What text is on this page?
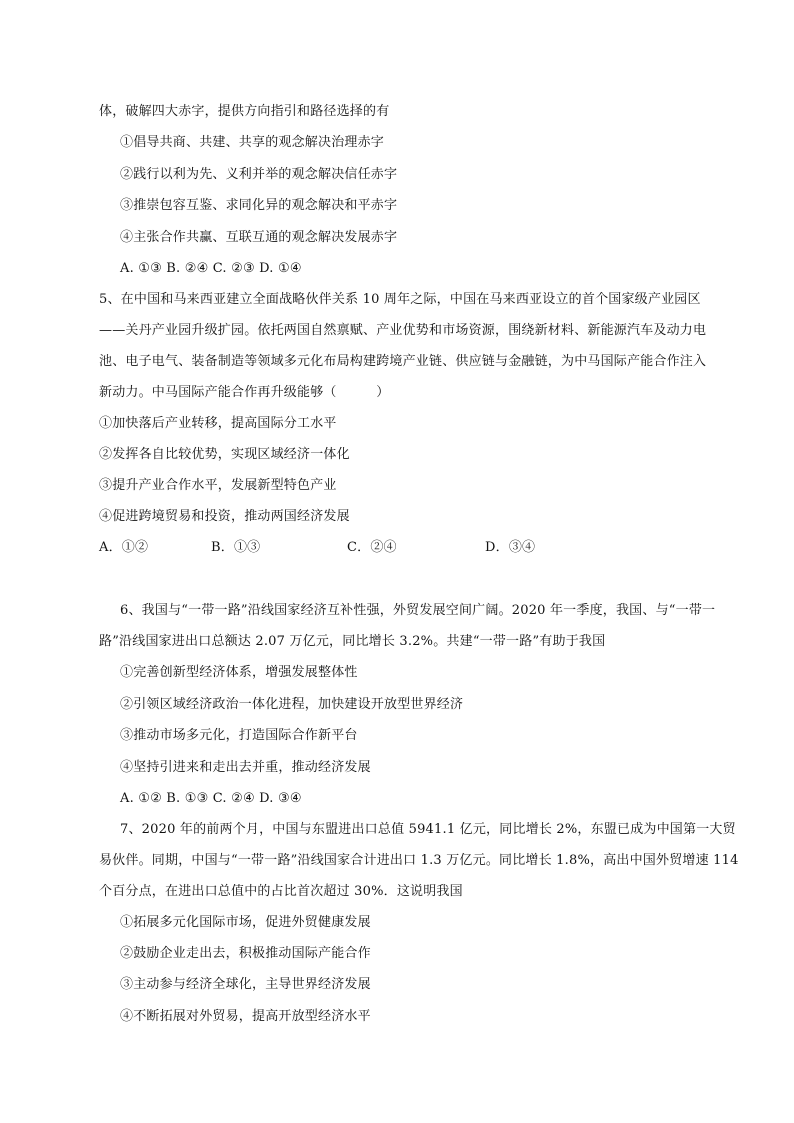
体，破解四大赤字，提供方向指引和路径选择的有
①倡导共商、共建、共享的观念解决治理赤字
②践行以利为先、义利并举的观念解决信任赤字
③推崇包容互鉴、求同化异的观念解决和平赤字
④主张合作共赢、互联互通的观念解决发展赤字
A. ①③ B. ②④ C. ②③ D. ①④
5、在中国和马来西亚建立全面战略伙伴关系 10 周年之际，中国在马来西亚设立的首个国家级产业园区
——关丹产业园升级扩园。依托两国自然禀赋、产业优势和市场资源，围绕新材料、新能源汽车及动力电
池、电子电气、装备制造等领域多元化布局构建跨境产业链、供应链与金融链，为中马国际产能合作注入
新动力。中马国际产能合作再升级能够（　　　）
①加快落后产业转移，提高国际分工水平
②发挥各自比较优势，实现区域经济一体化
③提升产业合作水平，发展新型特色产业
④促进跨境贸易和投资，推动两国经济发展
A．①②	B．①③	C．②④	D．③④
6、我国与“一带一路”沿线国家经济互补性强，外贸发展空间广阔。2020 年一季度，我国、与“一带一
路”沿线国家进出口总额达 2.07 万亿元，同比增长 3.2%。共建“一带一路”有助于我国
①完善创新型经济体系，增强发展整体性
②引领区域经济政治一体化进程，加快建设开放型世界经济
③推动市场多元化，打造国际合作新平台
④坚持引进来和走出去并重，推动经济发展
A. ①② B. ①③ C. ②④ D. ③④
7、2020 年的前两个月，中国与东盟进出口总值 5941.1 亿元，同比增长 2%，东盟已成为中国第一大贸
易伙伴。同期，中国与“一带一路”沿线国家合计进出口 1.3 万亿元。同比增长 1.8%，高出中国外贸增速 114
个百分点，在进出口总值中的占比首次超过 30%．这说明我国
①拓展多元化国际市场，促进外贸健康发展
②鼓励企业走出去，积极推动国际产能合作
③主动参与经济全球化，主导世界经济发展
④不断拓展对外贸易，提高开放型经济水平
